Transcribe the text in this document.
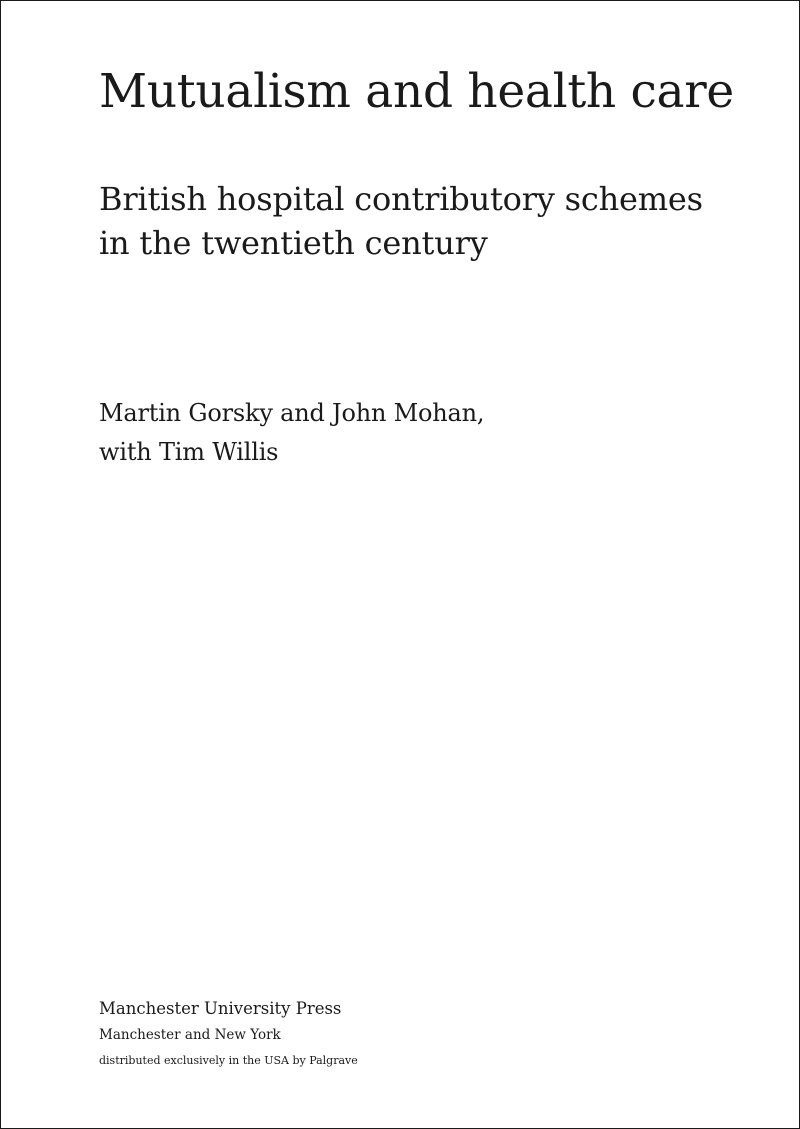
Mutualism and health care
British hospital contributory schemes
in the twentieth century

Martin Gorsky and John Mohan,
with Tim Willis

Manchester University Press
Manchester and New York
distributed exclusively in the USA by Palgrave
